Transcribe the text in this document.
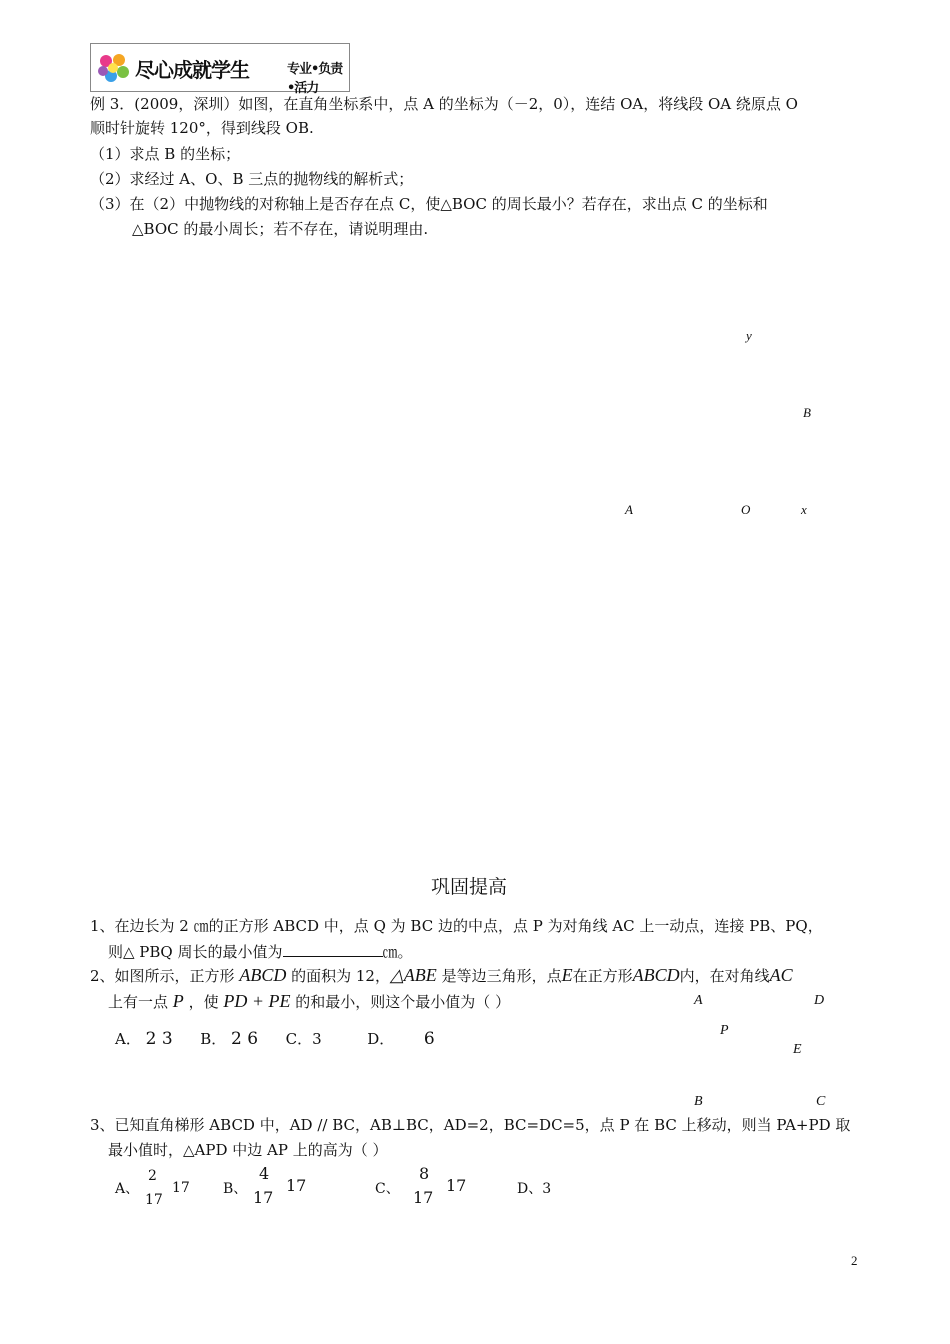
尽心成就学生	专业•负责•活力
例 3．(2009，深圳）如图，在直角坐标系中，点 A 的坐标为（－2，0），连结 OA，将线段 OA 绕原点 O
顺时针旋转 120°，得到线段 OB.
（1）求点 B 的坐标；
（2）求经过 A、O、B 三点的抛物线的解析式；
（3）在（2）中抛物线的对称轴上是否存在点 C，使△BOC 的周长最小？若存在，求出点 C 的坐标和
△BOC 的最小周长；若不存在，请说明理由.
y
B
A	O	x
巩固提高
1、在边长为 2 ㎝的正方形 ABCD 中，点 Q 为 BC 边的中点，点 P 为对角线 AC 上一动点，连接 PB、PQ，
则△ PBQ 周长的最小值为	㎝。
2、如图所示，正方形 ABCD 的面积为 12，△ABE 是等边三角形，点E在正方形ABCD内，在对角线AC
上有一点 P ，使 PD + PE 的和最小，则这个最小值为（ ）	A	D
P
E
B	C
A． 2 3 B． 2 6 C．3	D． 6
3、已知直角梯形 ABCD 中，AD // BC，AB⊥BC，AD=2，BC=DC=5，点 P 在 BC 上移动，则当 PA+PD 取
最小值时，△APD 中边 AP 上的高为（ ）
A、
2
17
17 B、
4
17
17	C、
8
17
17	D、3
2
